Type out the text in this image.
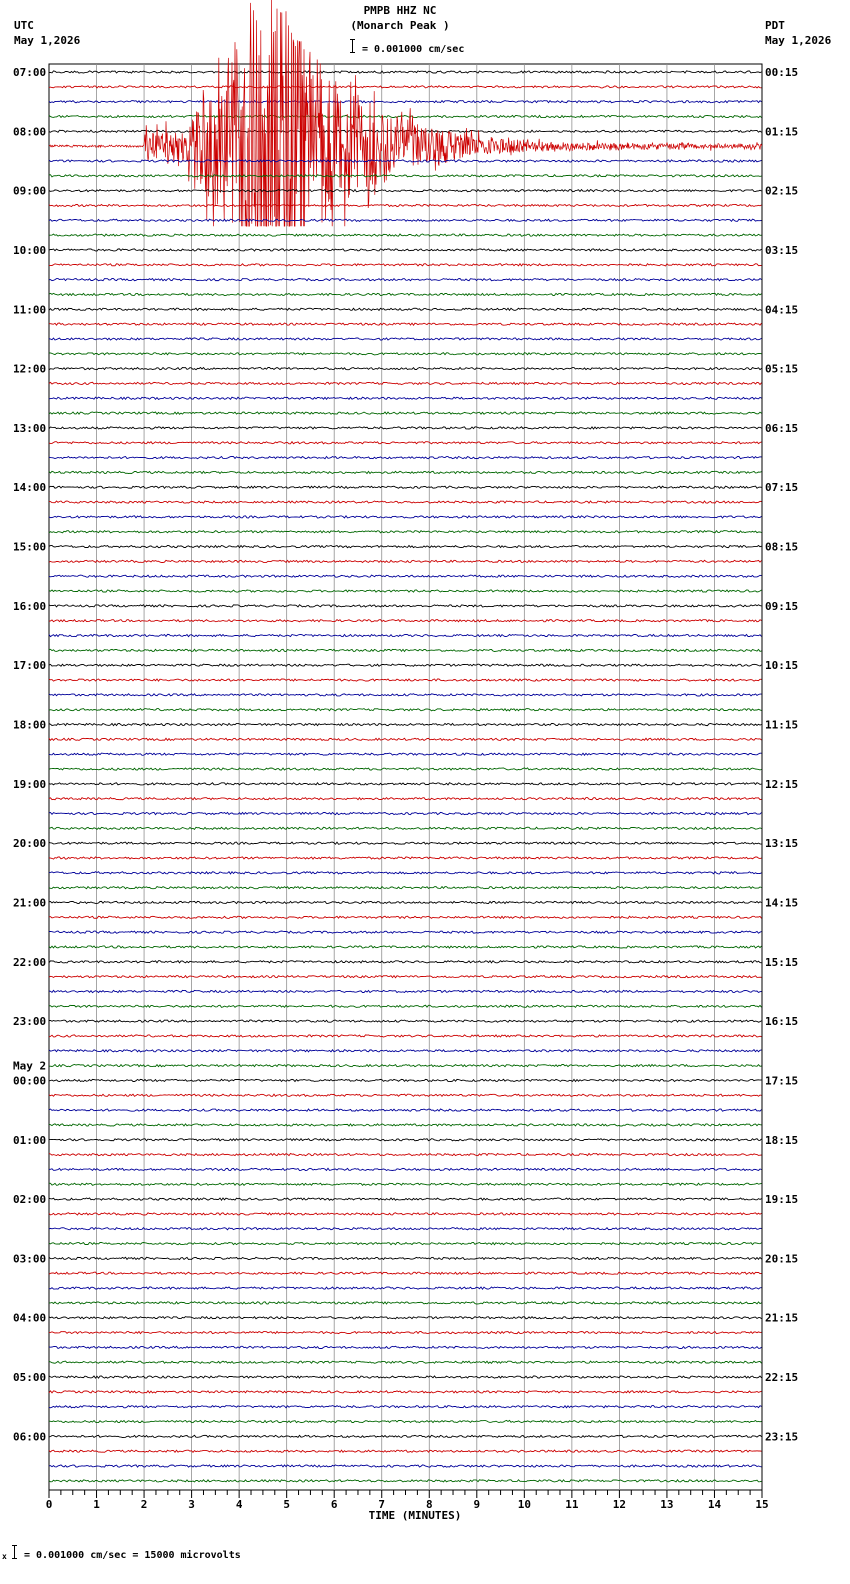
PMPB HHZ NC
(Monarch Peak )
= 0.001000 cm/sec
UTC
May 1,2026
PDT
May 1,2026
07:00	00:15
08:00	01:15
09:00	02:15
10:00	03:15
11:00	04:15
12:00	05:15
13:00	06:15
14:00	07:15
15:00	08:15
16:00	09:15
17:00	10:15
18:00	11:15
19:00	12:15
20:00	13:15
21:00	14:15
22:00	15:15
23:00	16:15
00:00	17:15
May 2
01:00	18:15
02:00	19:15
03:00	20:15
04:00	21:15
05:00	22:15
06:00	23:15
0	1	2	3	4	5	6	7	8	9	10	11	12	13	14	15
TIME (MINUTES)
x = 0.001000 cm/sec = 15000 microvolts
